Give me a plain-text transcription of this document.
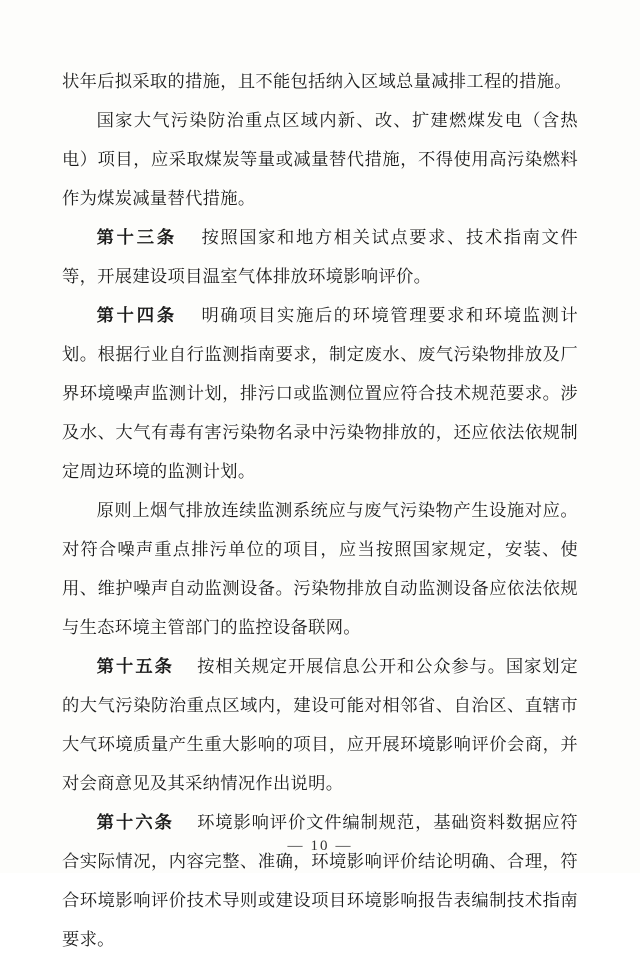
状年后拟采取的措施，且不能包括纳入区域总量减排工程的措施。

国家大气污染防治重点区域内新、改、扩建燃煤发电（含热电）项目，应采取煤炭等量或减量替代措施，不得使用高污染燃料作为煤炭减量替代措施。

第十三条 按照国家和地方相关试点要求、技术指南文件等，开展建设项目温室气体排放环境影响评价。

第十四条 明确项目实施后的环境管理要求和环境监测计划。根据行业自行监测指南要求，制定废水、废气污染物排放及厂界环境噪声监测计划，排污口或监测位置应符合技术规范要求。涉及水、大气有毒有害污染物名录中污染物排放的，还应依法依规制定周边环境的监测计划。

原则上烟气排放连续监测系统应与废气污染物产生设施对应。对符合噪声重点排污单位的项目，应当按照国家规定，安装、使用、维护噪声自动监测设备。污染物排放自动监测设备应依法依规与生态环境主管部门的监控设备联网。

第十五条 按相关规定开展信息公开和公众参与。国家划定的大气污染防治重点区域内，建设可能对相邻省、自治区、直辖市大气环境质量产生重大影响的项目，应开展环境影响评价会商，并对会商意见及其采纳情况作出说明。

第十六条 环境影响评价文件编制规范，基础资料数据应符合实际情况，内容完整、准确，环境影响评价结论明确、合理，符合环境影响评价技术导则或建设项目环境影响报告表编制技术指南要求。

— 10 —
